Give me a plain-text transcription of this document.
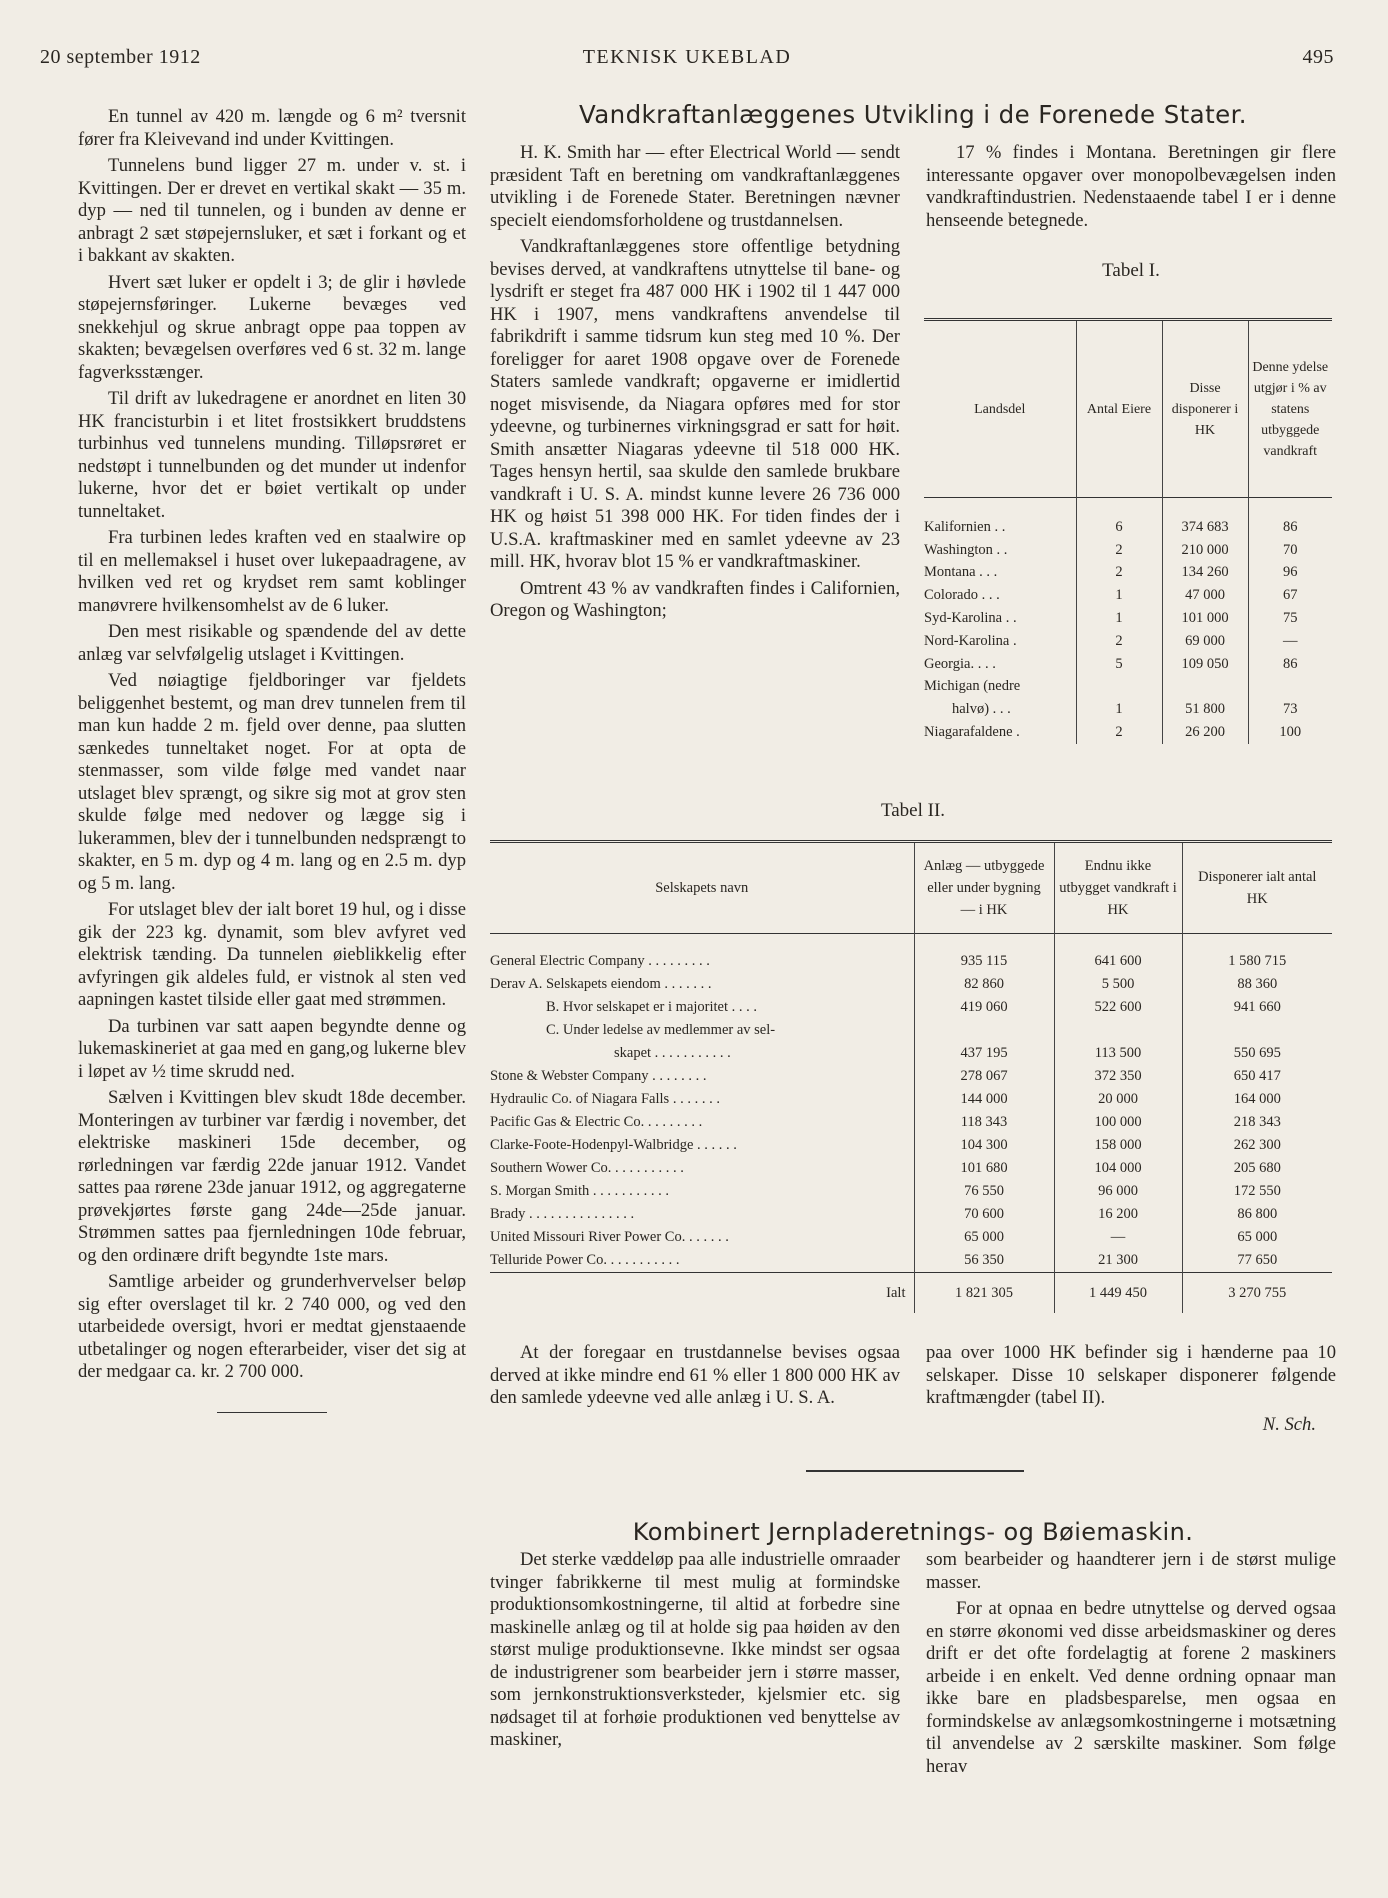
20 september 1912	TEKNISK UKEBLAD	495

En tunnel av 420 m. længde og 6 m² tversnit fører fra Kleivevand ind under Kvittingen.

Tunnelens bund ligger 27 m. under v. st. i Kvittingen. Der er drevet en vertikal skakt — 35 m. dyp — ned til tunnelen, og i bunden av denne er anbragt 2 sæt støpejernsluker, et sæt i forkant og et i bakkant av skakten.

Hvert sæt luker er opdelt i 3; de glir i høvlede støpejernsføringer. Lukerne bevæges ved snekkehjul og skrue anbragt oppe paa toppen av skakten; bevægelsen overføres ved 6 st. 32 m. lange fagverksstænger.

Til drift av lukedragene er anordnet en liten 30 HK francisturbin i et litet frostsikkert bruddstens turbinhus ved tunnelens munding. Tilløpsrøret er nedstøpt i tunnelbunden og det munder ut indenfor lukerne, hvor det er bøiet vertikalt op under tunneltaket.

Fra turbinen ledes kraften ved en staalwire op til en mellemaksel i huset over lukepaadragene, av hvilken ved ret og krydset rem samt koblinger manøvrere hvilkensomhelst av de 6 luker.

Den mest risikable og spændende del av dette anlæg var selvfølgelig utslaget i Kvittingen.

Ved nøiagtige fjeldboringer var fjeldets beliggenhet bestemt, og man drev tunnelen frem til man kun hadde 2 m. fjeld over denne, paa slutten sænkedes tunneltaket noget. For at opta de stenmasser, som vilde følge med vandet naar utslaget blev sprængt, og sikre sig mot at grov sten skulde følge med nedover og lægge sig i lukerammen, blev der i tunnelbunden nedsprængt to skakter, en 5 m. dyp og 4 m. lang og en 2.5 m. dyp og 5 m. lang.

For utslaget blev der ialt boret 19 hul, og i disse gik der 223 kg. dynamit, som blev avfyret ved elektrisk tænding. Da tunnelen øieblikkelig efter avfyringen gik aldeles fuld, er vistnok al sten ved aapningen kastet tilside eller gaat med strømmen.

Da turbinen var satt aapen begyndte denne og lukemaskineriet at gaa med en gang,og lukerne blev i løpet av ½ time skrudd ned.

Sælven i Kvittingen blev skudt 18de december. Monteringen av turbiner var færdig i november, det elektriske maskineri 15de december, og rørledningen var færdig 22de januar 1912. Vandet sattes paa rørene 23de januar 1912, og aggregaterne prøvekjørtes første gang 24de—25de januar. Strømmen sattes paa fjernledningen 10de februar, og den ordinære drift begyndte 1ste mars.

Samtlige arbeider og grunderhvervelser beløp sig efter overslaget til kr. 2 740 000, og ved den utarbeidede oversigt, hvori er medtat gjenstaaende utbetalinger og nogen efterarbeider, viser det sig at der medgaar ca. kr. 2 700 000.

Vandkraftanlæggenes Utvikling i de Forenede Stater.

H. K. Smith har — efter Electrical World — sendt præsident Taft en beretning om vandkraftanlæggenes utvikling i de Forenede Stater. Beretningen nævner specielt eiendomsforholdene og trustdannelsen.

Vandkraftanlæggenes store offentlige betydning bevises derved, at vandkraftens utnyttelse til bane- og lysdrift er steget fra 487 000 HK i 1902 til 1 447 000 HK i 1907, mens vandkraftens anvendelse til fabrikdrift i samme tidsrum kun steg med 10 %. Der foreligger for aaret 1908 opgave over de Forenede Staters samlede vandkraft; opgaverne er imidlertid noget misvisende, da Niagara opføres med for stor ydeevne, og turbinernes virkningsgrad er satt for høit. Smith ansætter Niagaras ydeevne til 518 000 HK. Tages hensyn hertil, saa skulde den samlede brukbare vandkraft i U. S. A. mindst kunne levere 26 736 000 HK og høist 51 398 000 HK. For tiden findes der i U.S.A. kraftmaskiner med en samlet ydeevne av 23 mill. HK, hvorav blot 15 % er vandkraftmaskiner.

Omtrent 43 % av vandkraften findes i Californien, Oregon og Washington;

17 % findes i Montana. Beretningen gir flere interessante opgaver over monopolbevægelsen inden vandkraftindustrien. Nedenstaaende tabel I er i denne henseende betegnede.

Tabel I.
Landsdel	Antal Eiere	Disse disponerer i HK	Denne ydelse utgjør i % av statens utbyggede vandkraft
Kalifornien . .	6	374 683	86
Washington . .	2	210 000	70
Montana . . .	2	134 260	96
Colorado . . .	1	47 000	67
Syd-Karolina . .	1	101 000	75
Nord-Karolina .	2	69 000	—
Georgia. . . .	5	109 050	86
Michigan (nedre			
halvø) . . .	1	51 800	73
Niagarafaldene .	2	26 200	100
Tabel II.
Selskapets navn	Anlæg — utbyggede eller under bygning — i HK	Endnu ikke utbygget vandkraft i HK	Disponerer ialt antal HK
General Electric Company . . . . . . . . .	935 115	641 600	1 580 715
Derav A. Selskapets eiendom . . . . . . .	82 860	5 500	88 360
B. Hvor selskapet er i majoritet . . . .	419 060	522 600	941 660
C. Under ledelse av medlemmer av sel-			
skapet . . . . . . . . . . .	437 195	113 500	550 695
Stone & Webster Company . . . . . . . .	278 067	372 350	650 417
Hydraulic Co. of Niagara Falls . . . . . . .	144 000	20 000	164 000
Pacific Gas & Electric Co. . . . . . . . .	118 343	100 000	218 343
Clarke-Foote-Hodenpyl-Walbridge . . . . . .	104 300	158 000	262 300
Southern Wower Co. . . . . . . . . . .	101 680	104 000	205 680
S. Morgan Smith . . . . . . . . . . .	76 550	96 000	172 550
Brady . . . . . . . . . . . . . . .	70 600	16 200	86 800
United Missouri River Power Co. . . . . . .	65 000	—	65 000
Telluride Power Co. . . . . . . . . . .	56 350	21 300	77 650
Ialt	1 821 305	1 449 450	3 270 755

At der foregaar en trustdannelse bevises ogsaa derved at ikke mindre end 61 % eller 1 800 000 HK av den samlede ydeevne ved alle anlæg i U. S. A.

paa over 1000 HK befinder sig i hænderne paa 10 selskaper. Disse 10 selskaper disponerer følgende kraftmængder (tabel II).

N. Sch.
Kombinert Jernpladeretnings- og Bøiemaskin.

Det sterke væddeløp paa alle industrielle omraader tvinger fabrikkerne til mest mulig at formindske produktionsomkostningerne, til altid at forbedre sine maskinelle anlæg og til at holde sig paa høiden av den størst mulige produktionsevne. Ikke mindst ser ogsaa de industrigrener som bearbeider jern i større masser, som jernkonstruktionsverksteder, kjelsmier etc. sig nødsaget til at forhøie produktionen ved benyttelse av maskiner,

som bearbeider og haandterer jern i de størst mulige masser.

For at opnaa en bedre utnyttelse og derved ogsaa en større økonomi ved disse arbeidsmaskiner og deres drift er det ofte fordelagtig at forene 2 maskiners arbeide i en enkelt. Ved denne ordning opnaar man ikke bare en pladsbesparelse, men ogsaa en formindskelse av anlægsomkostningerne i motsætning til anvendelse av 2 særskilte maskiner. Som følge herav
